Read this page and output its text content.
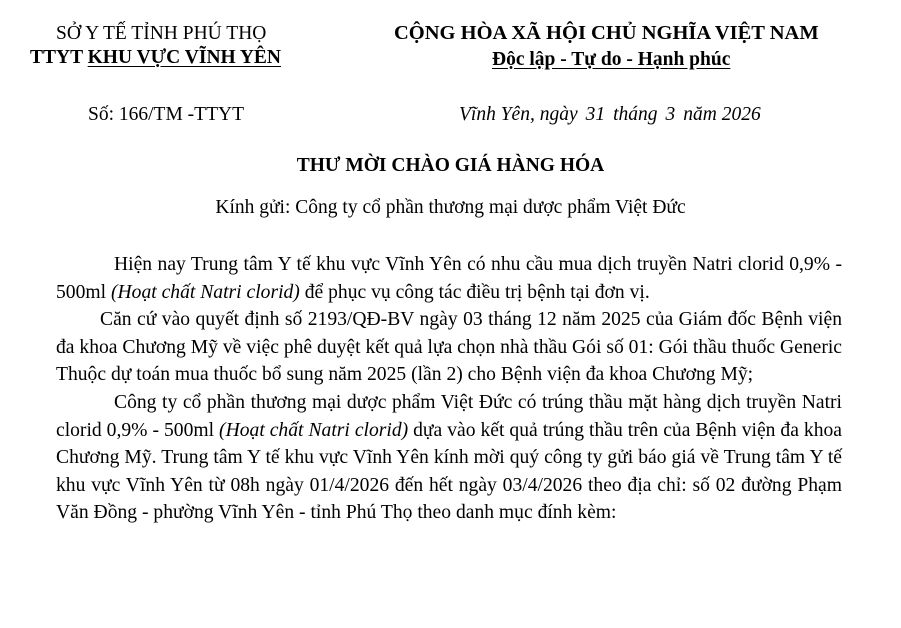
SỞ Y TẾ TỈNH PHÚ THỌ
TTYT KHU VỰC VĨNH YÊN
CỘNG HÒA XÃ HỘI CHỦ NGHĨA VIỆT NAM
Độc lập - Tự do - Hạnh phúc
Số: 166/TM -TTYT	Vĩnh Yên, ngày 31 tháng 3 năm 2026
THƯ MỜI CHÀO GIÁ HÀNG HÓA
Kính gửi: Công ty cổ phần thương mại dược phẩm Việt Đức

Hiện nay Trung tâm Y tế khu vực Vĩnh Yên có nhu cầu mua dịch truyền Natri clorid 0,9% - 500ml (Hoạt chất Natri clorid) để phục vụ công tác điều trị bệnh tại đơn vị.

Căn cứ vào quyết định số 2193/QĐ-BV ngày 03 tháng 12 năm 2025 của Giám đốc Bệnh viện đa khoa Chương Mỹ về việc phê duyệt kết quả lựa chọn nhà thầu Gói số 01: Gói thầu thuốc Generic Thuộc dự toán mua thuốc bổ sung năm 2025 (lần 2) cho Bệnh viện đa khoa Chương Mỹ;

Công ty cổ phần thương mại dược phẩm Việt Đức có trúng thầu mặt hàng dịch truyền Natri clorid 0,9% - 500ml (Hoạt chất Natri clorid) dựa vào kết quả trúng thầu trên của Bệnh viện đa khoa Chương Mỹ. Trung tâm Y tế khu vực Vĩnh Yên kính mời quý công ty gửi báo giá về Trung tâm Y tế khu vực Vĩnh Yên từ 08h ngày 01/4/2026 đến hết ngày 03/4/2026 theo địa chỉ: số 02 đường Phạm Văn Đồng - phường Vĩnh Yên - tỉnh Phú Thọ theo danh mục đính kèm:
